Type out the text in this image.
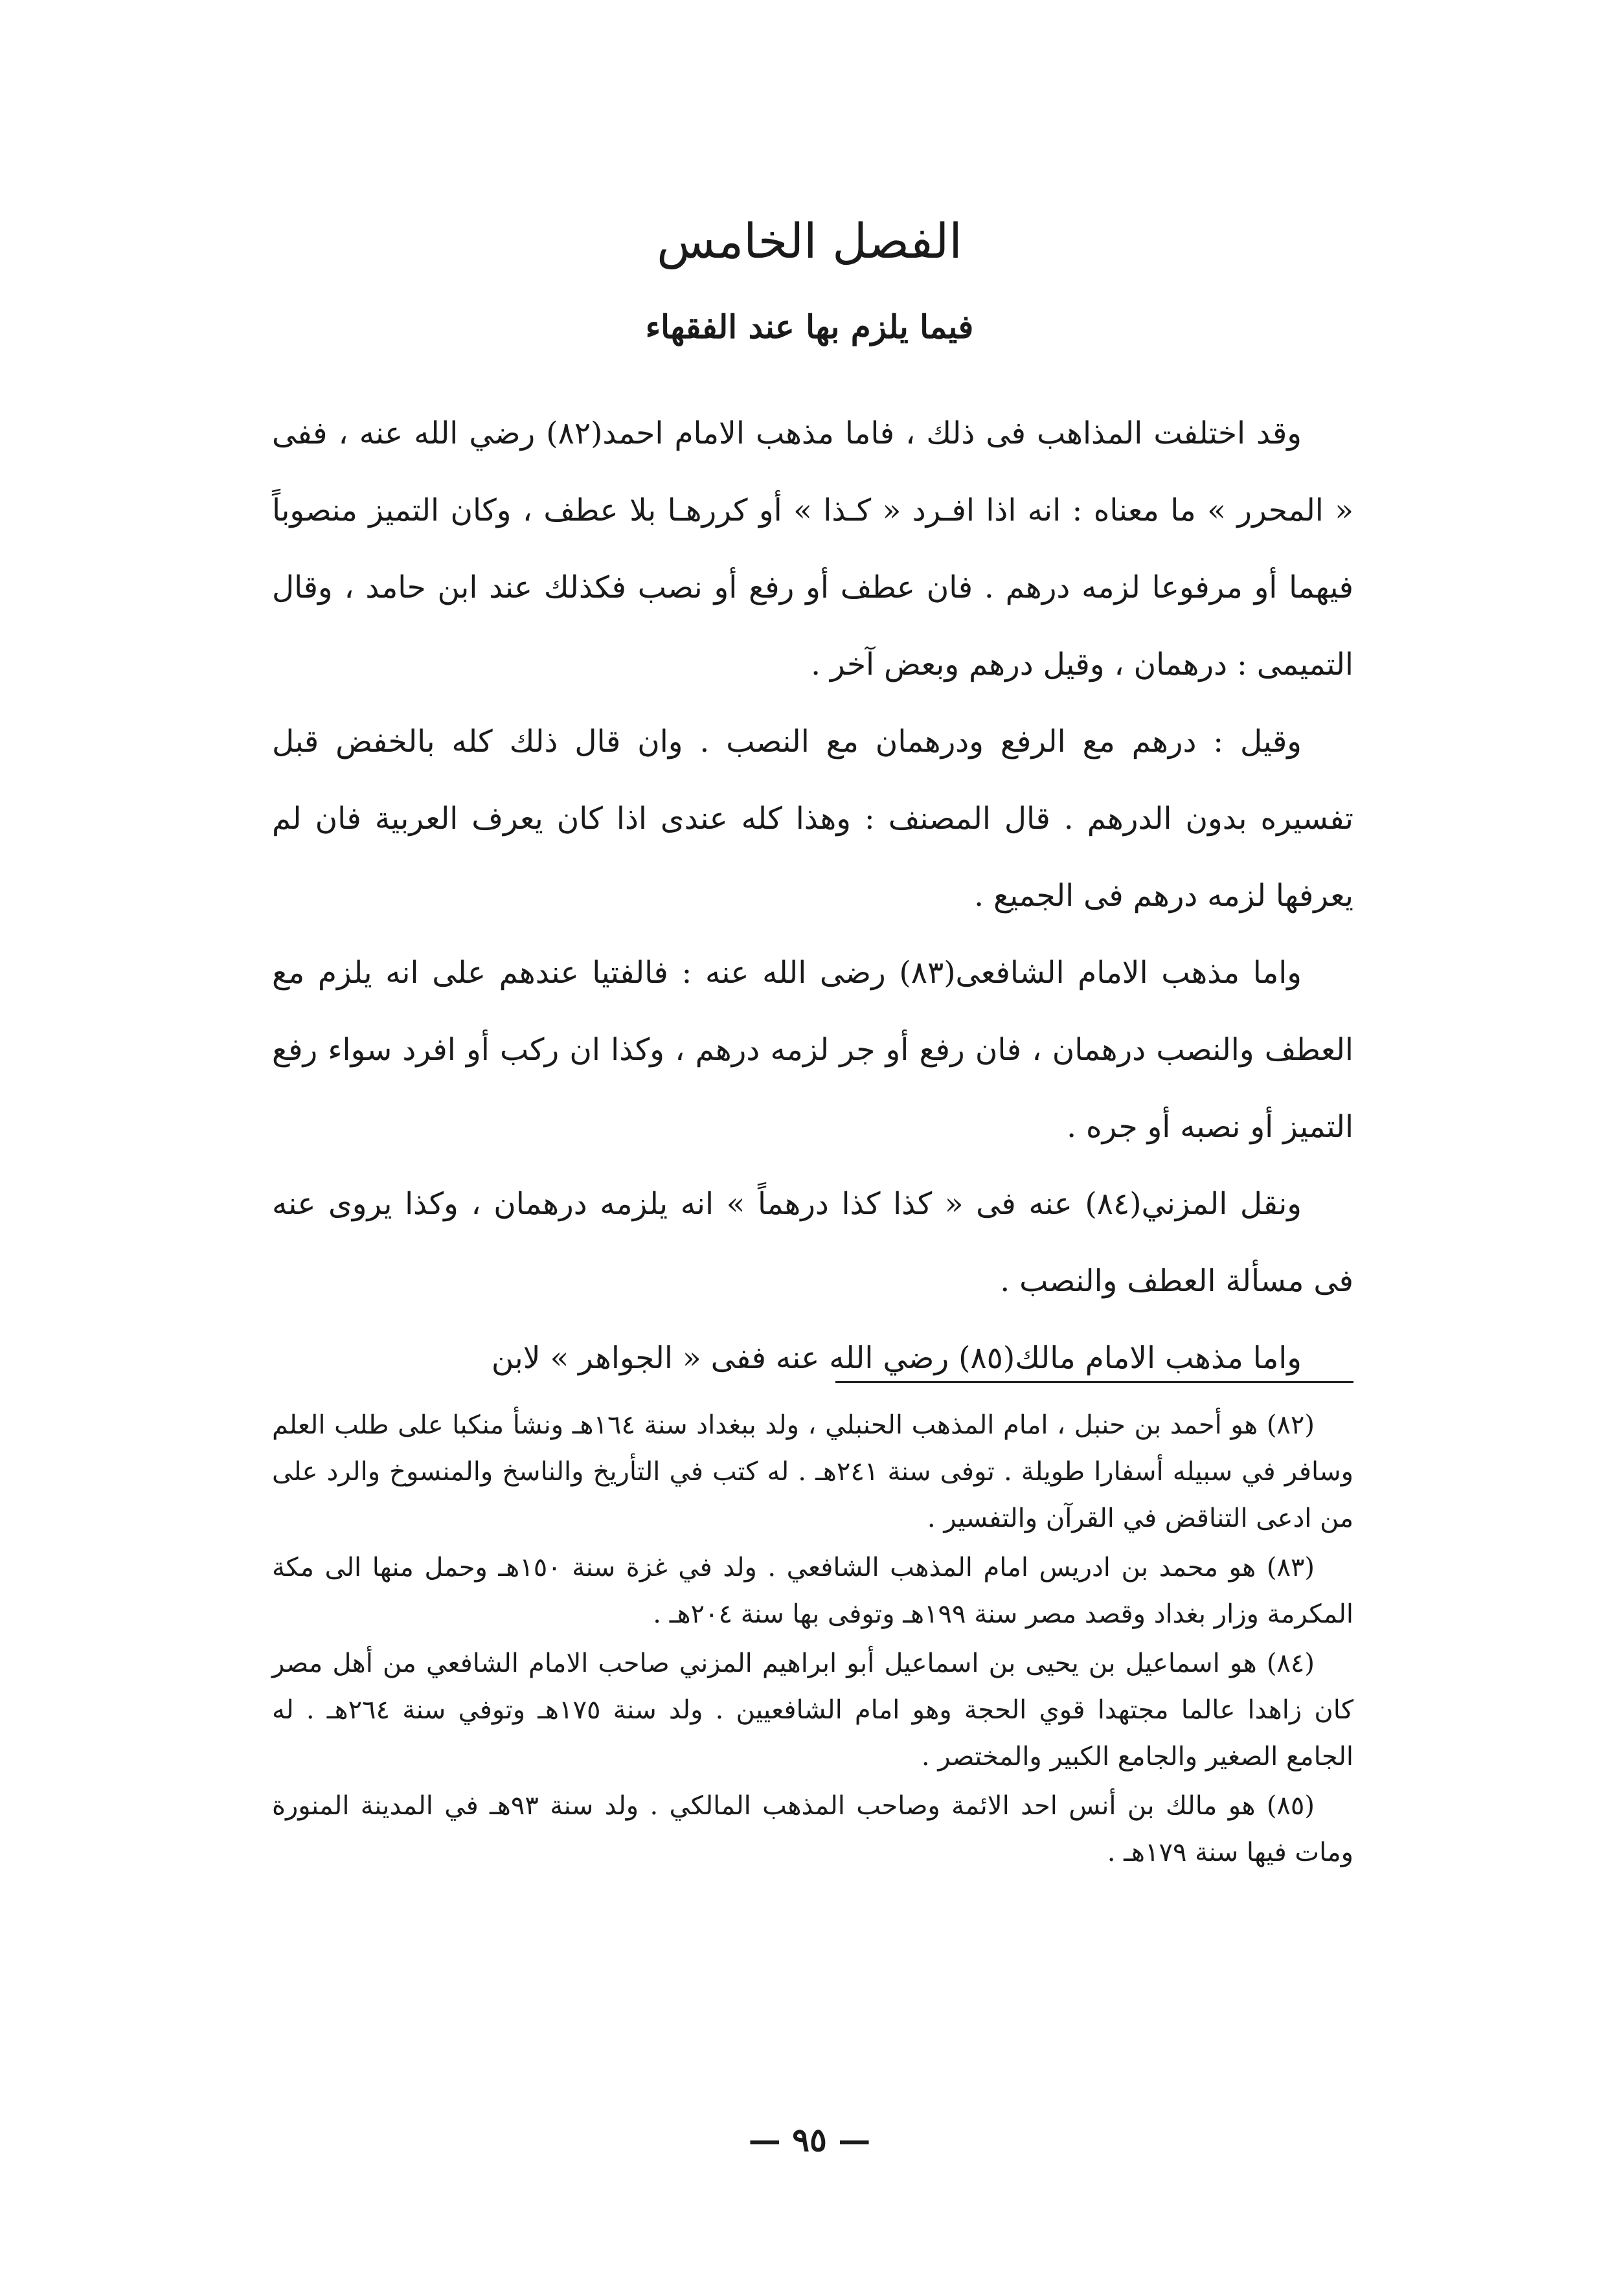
الفصل الخامس
فيما يلزم بها عند الفقهاء

وقد اختلفت المذاهب فى ذلك ، فاما مذهب الامام احمد(٨٢) رضي الله عنه ، ففى « المحرر » ما معناه : انه اذا افـرد « كـذا » أو كررهـا بلا عطف ، وكان التميز منصوباً فيهما أو مرفوعا لزمه درهم . فان عطف أو رفع أو نصب فكذلك عند ابن حامد ، وقال التميمى : درهمان ، وقيل درهم وبعض آخر .

وقيل : درهم مع الرفع ودرهمان مع النصب . وان قال ذلك كله بالخفض قبل تفسيره بدون الدرهم . قال المصنف : وهذا كله عندى اذا كان يعرف العربية فان لم يعرفها لزمه درهم فى الجميع .

واما مذهب الامام الشافعى(٨٣) رضى الله عنه : فالفتيا عندهم على انه يلزم مع العطف والنصب درهمان ، فان رفع أو جر لزمه درهم ، وكذا ان ركب أو افرد سواء رفع التميز أو نصبه أو جره .

ونقل المزني(٨٤) عنه فى « كذا كذا درهماً » انه يلزمه درهمان ، وكذا يروى عنه فى مسألة العطف والنصب .

واما مذهب الامام مالك(٨٥) رضي الله عنه ففى « الجواهر » لابن

(٨٢) هو أحمد بن حنبل ، امام المذهب الحنبلي ، ولد ببغداد سنة ١٦٤هـ ونشأ منكبا على طلب العلم وسافر في سبيله أسفارا طويلة . توفى سنة ٢٤١هـ . له كتب في التأريخ والناسخ والمنسوخ والرد على من ادعى التناقض في القرآن والتفسير .

(٨٣) هو محمد بن ادريس امام المذهب الشافعي . ولد في غزة سنة ١٥٠هـ وحمل منها الى مكة المكرمة وزار بغداد وقصد مصر سنة ١٩٩هـ وتوفى بها سنة ٢٠٤هـ .

(٨٤) هو اسماعيل بن يحيى بن اسماعيل أبو ابراهيم المزني صاحب الامام الشافعي من أهل مصر كان زاهدا عالما مجتهدا قوي الحجة وهو امام الشافعيين . ولد سنة ١٧٥هـ وتوفي سنة ٢٦٤هـ . له الجامع الصغير والجامع الكبير والمختصر .

(٨٥) هو مالك بن أنس احد الائمة وصاحب المذهب المالكي . ولد سنة ٩٣هـ في المدينة المنورة ومات فيها سنة ١٧٩هـ .

— ٩٥ —
